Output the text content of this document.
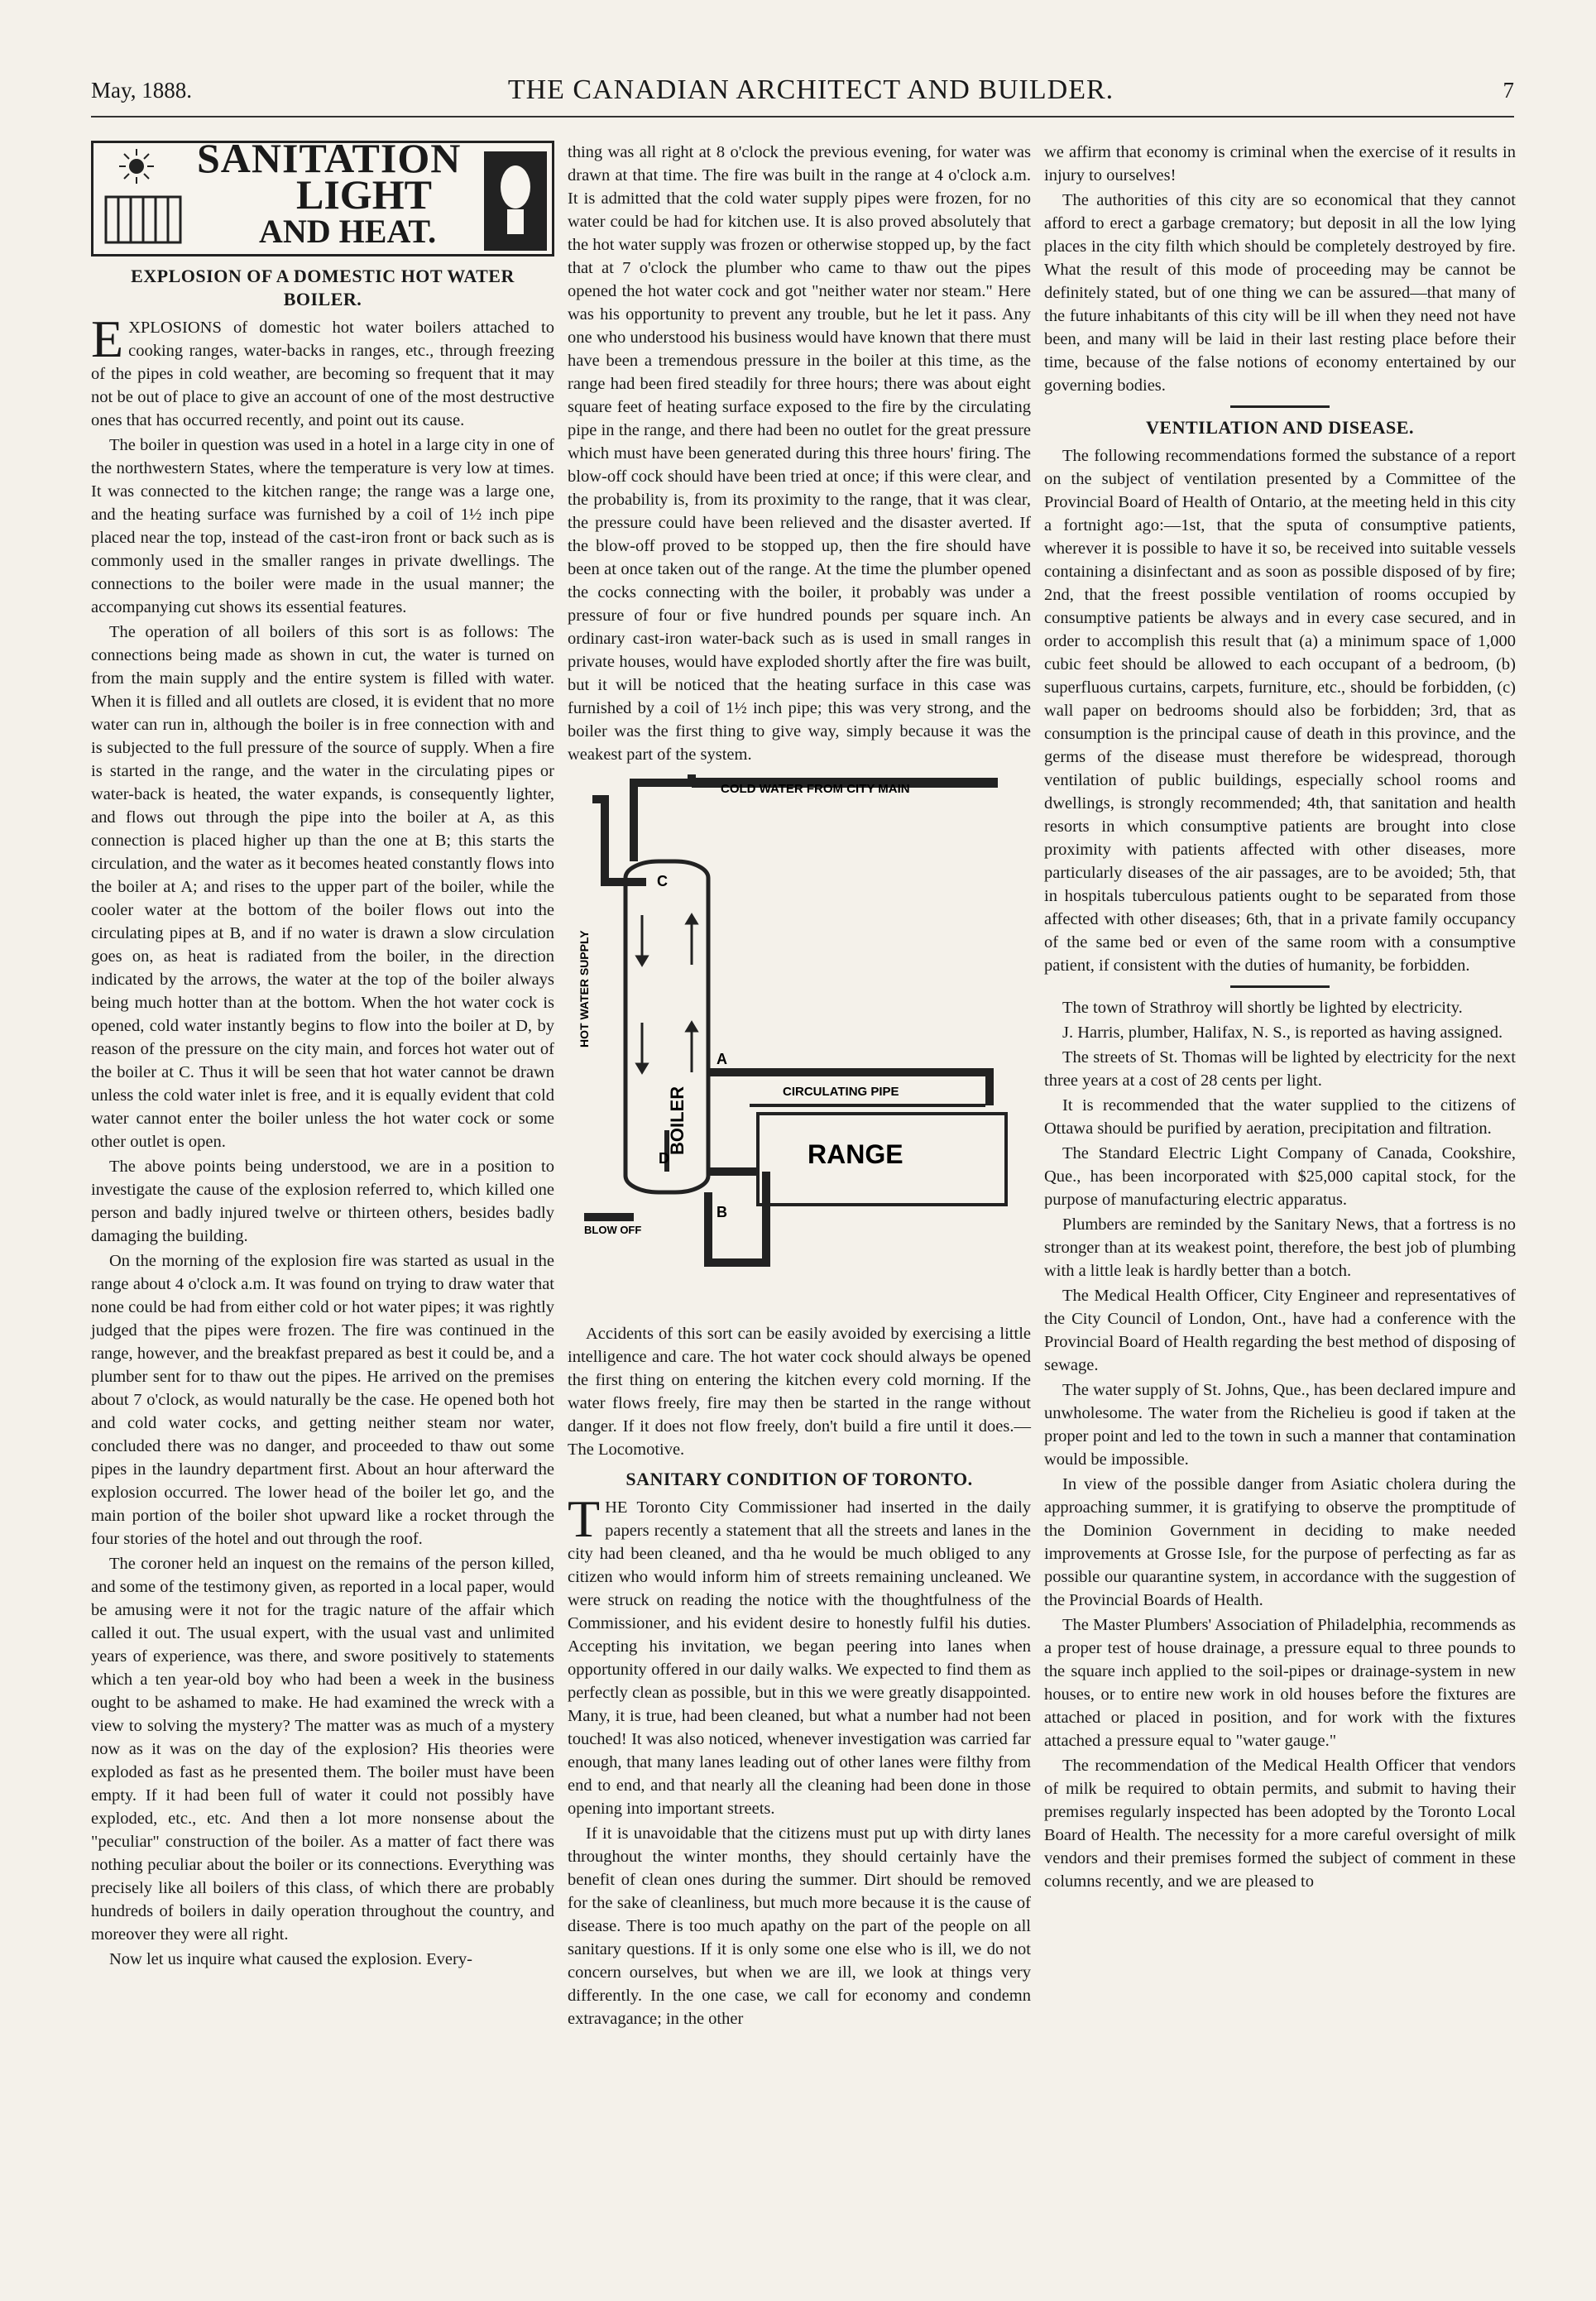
May, 1888.	THE CANADIAN ARCHITECT AND BUILDER.	7
SANITATION
LIGHT
AND HEAT.
EXPLOSION OF A DOMESTIC HOT WATER BOILER.

EXPLOSIONS of domestic hot water boilers attached to cooking ranges, water-backs in ranges, etc., through freezing of the pipes in cold weather, are becoming so frequent that it may not be out of place to give an account of one of the most destructive ones that has occurred recently, and point out its cause.

The boiler in question was used in a hotel in a large city in one of the northwestern States, where the temperature is very low at times. It was connected to the kitchen range; the range was a large one, and the heating surface was furnished by a coil of 1½ inch pipe placed near the top, instead of the cast-iron front or back such as is commonly used in the smaller ranges in private dwellings. The connections to the boiler were made in the usual manner; the accompanying cut shows its essential features.

The operation of all boilers of this sort is as follows: The connections being made as shown in cut, the water is turned on from the main supply and the entire system is filled with water. When it is filled and all outlets are closed, it is evident that no more water can run in, although the boiler is in free connection with and is subjected to the full pressure of the source of supply. When a fire is started in the range, and the water in the circulating pipes or water-back is heated, the water expands, is consequently lighter, and flows out through the pipe into the boiler at A, as this connection is placed higher up than the one at B; this starts the circulation, and the water as it becomes heated constantly flows into the boiler at A; and rises to the upper part of the boiler, while the cooler water at the bottom of the boiler flows out into the circulating pipes at B, and if no water is drawn a slow circulation goes on, as heat is radiated from the boiler, in the direction indicated by the arrows, the water at the top of the boiler always being much hotter than at the bottom. When the hot water cock is opened, cold water instantly begins to flow into the boiler at D, by reason of the pressure on the city main, and forces hot water out of the boiler at C. Thus it will be seen that hot water cannot be drawn unless the cold water inlet is free, and it is equally evident that cold water cannot enter the boiler unless the hot water cock or some other outlet is open.

The above points being understood, we are in a position to investigate the cause of the explosion referred to, which killed one person and badly injured twelve or thirteen others, besides badly damaging the building.

On the morning of the explosion fire was started as usual in the range about 4 o'clock a.m. It was found on trying to draw water that none could be had from either cold or hot water pipes; it was rightly judged that the pipes were frozen. The fire was continued in the range, however, and the breakfast prepared as best it could be, and a plumber sent for to thaw out the pipes. He arrived on the premises about 7 o'clock, as would naturally be the case. He opened both hot and cold water cocks, and getting neither steam nor water, concluded there was no danger, and proceeded to thaw out some pipes in the laundry department first. About an hour afterward the explosion occurred. The lower head of the boiler let go, and the main portion of the boiler shot upward like a rocket through the four stories of the hotel and out through the roof.

The coroner held an inquest on the remains of the person killed, and some of the testimony given, as reported in a local paper, would be amusing were it not for the tragic nature of the affair which called it out. The usual expert, with the usual vast and unlimited years of experience, was there, and swore positively to statements which a ten year-old boy who had been a week in the business ought to be ashamed to make. He had examined the wreck with a view to solving the mystery? The matter was as much of a mystery now as it was on the day of the explosion? His theories were exploded as fast as he presented them. The boiler must have been empty. If it had been full of water it could not possibly have exploded, etc., etc. And then a lot more nonsense about the "peculiar" construction of the boiler. As a matter of fact there was nothing peculiar about the boiler or its connections. Everything was precisely like all boilers of this class, of which there are probably hundreds of boilers in daily operation throughout the country, and moreover they were all right.

Now let us inquire what caused the explosion. Every-

thing was all right at 8 o'clock the previous evening, for water was drawn at that time. The fire was built in the range at 4 o'clock a.m. It is admitted that the cold water supply pipes were frozen, for no water could be had for kitchen use. It is also proved absolutely that the hot water supply was frozen or otherwise stopped up, by the fact that at 7 o'clock the plumber who came to thaw out the pipes opened the hot water cock and got "neither water nor steam." Here was his opportunity to prevent any trouble, but he let it pass. Any one who understood his business would have known that there must have been a tremendous pressure in the boiler at this time, as the range had been fired steadily for three hours; there was about eight square feet of heating surface exposed to the fire by the circulating pipe in the range, and there had been no outlet for the great pressure which must have been generated during this three hours' firing. The blow-off cock should have been tried at once; if this were clear, and the probability is, from its proximity to the range, that it was clear, the pressure could have been relieved and the disaster averted. If the blow-off proved to be stopped up, then the fire should have been at once taken out of the range. At the time the plumber opened the cocks connecting with the boiler, it probably was under a pressure of four or five hundred pounds per square inch. An ordinary cast-iron water-back such as is used in small ranges in private houses, would have exploded shortly after the fire was built, but it will be noticed that the heating surface in this case was furnished by a coil of 1½ inch pipe; this was very strong, and the boiler was the first thing to give way, simply because it was the weakest part of the system.

COLD WATER FROM CITY MAIN
HOT WATER SUPPLY
C
BOILER
A
CIRCULATING PIPE
RANGE
D
B
BLOW OFF

Accidents of this sort can be easily avoided by exercising a little intelligence and care. The hot water cock should always be opened the first thing on entering the kitchen every cold morning. If the water flows freely, fire may then be started in the range without danger. If it does not flow freely, don't build a fire until it does.—The Locomotive.

SANITARY CONDITION OF TORONTO.

THE Toronto City Commissioner had inserted in the daily papers recently a statement that all the streets and lanes in the city had been cleaned, and tha he would be much obliged to any citizen who would inform him of streets remaining uncleaned. We were struck on reading the notice with the thoughtfulness of the Commissioner, and his evident desire to honestly fulfil his duties. Accepting his invitation, we began peering into lanes when opportunity offered in our daily walks. We expected to find them as perfectly clean as possible, but in this we were greatly disappointed. Many, it is true, had been cleaned, but what a number had not been touched! It was also noticed, whenever investigation was carried far enough, that many lanes leading out of other lanes were filthy from end to end, and that nearly all the cleaning had been done in those opening into important streets.

If it is unavoidable that the citizens must put up with dirty lanes throughout the winter months, they should certainly have the benefit of clean ones during the summer. Dirt should be removed for the sake of cleanliness, but much more because it is the cause of disease. There is too much apathy on the part of the people on all sanitary questions. If it is only some one else who is ill, we do not concern ourselves, but when we are ill, we look at things very differently. In the one case, we call for economy and condemn extravagance; in the other

we affirm that economy is criminal when the exercise of it results in injury to ourselves!

The authorities of this city are so economical that they cannot afford to erect a garbage crematory; but deposit in all the low lying places in the city filth which should be completely destroyed by fire. What the result of this mode of proceeding may be cannot be definitely stated, but of one thing we can be assured—that many of the future inhabitants of this city will be ill when they need not have been, and many will be laid in their last resting place before their time, because of the false notions of economy entertained by our governing bodies.

VENTILATION AND DISEASE.

The following recommendations formed the substance of a report on the subject of ventilation presented by a Committee of the Provincial Board of Health of Ontario, at the meeting held in this city a fortnight ago:—1st, that the sputa of consumptive patients, wherever it is possible to have it so, be received into suitable vessels containing a disinfectant and as soon as possible disposed of by fire; 2nd, that the freest possible ventilation of rooms occupied by consumptive patients be always and in every case secured, and in order to accomplish this result that (a) a minimum space of 1,000 cubic feet should be allowed to each occupant of a bedroom, (b) superfluous curtains, carpets, furniture, etc., should be forbidden, (c) wall paper on bedrooms should also be forbidden; 3rd, that as consumption is the principal cause of death in this province, and the germs of the disease must therefore be widespread, thorough ventilation of public buildings, especially school rooms and dwellings, is strongly recommended; 4th, that sanitation and health resorts in which consumptive patients are brought into close proximity with patients affected with other diseases, more particularly diseases of the air passages, are to be avoided; 5th, that in hospitals tuberculous patients ought to be separated from those affected with other diseases; 6th, that in a private family occupancy of the same bed or even of the same room with a consumptive patient, if consistent with the duties of humanity, be forbidden.

The town of Strathroy will shortly be lighted by electricity.

J. Harris, plumber, Halifax, N. S., is reported as having assigned.

The streets of St. Thomas will be lighted by electricity for the next three years at a cost of 28 cents per light.

It is recommended that the water supplied to the citizens of Ottawa should be purified by aeration, precipitation and filtration.

The Standard Electric Light Company of Canada, Cookshire, Que., has been incorporated with $25,000 capital stock, for the purpose of manufacturing electric apparatus.

Plumbers are reminded by the Sanitary News, that a fortress is no stronger than at its weakest point, therefore, the best job of plumbing with a little leak is hardly better than a botch.

The Medical Health Officer, City Engineer and representatives of the City Council of London, Ont., have had a conference with the Provincial Board of Health regarding the best method of disposing of sewage.

The water supply of St. Johns, Que., has been declared impure and unwholesome. The water from the Richelieu is good if taken at the proper point and led to the town in such a manner that contamination would be impossible.

In view of the possible danger from Asiatic cholera during the approaching summer, it is gratifying to observe the promptitude of the Dominion Government in deciding to make needed improvements at Grosse Isle, for the purpose of perfecting as far as possible our quarantine system, in accordance with the suggestion of the Provincial Boards of Health.

The Master Plumbers' Association of Philadelphia, recommends as a proper test of house drainage, a pressure equal to three pounds to the square inch applied to the soil-pipes or drainage-system in new houses, or to entire new work in old houses before the fixtures are attached or placed in position, and for work with the fixtures attached a pressure equal to "water gauge."

The recommendation of the Medical Health Officer that vendors of milk be required to obtain permits, and submit to having their premises regularly inspected has been adopted by the Toronto Local Board of Health. The necessity for a more careful oversight of milk vendors and their premises formed the subject of comment in these columns recently, and we are pleased to
